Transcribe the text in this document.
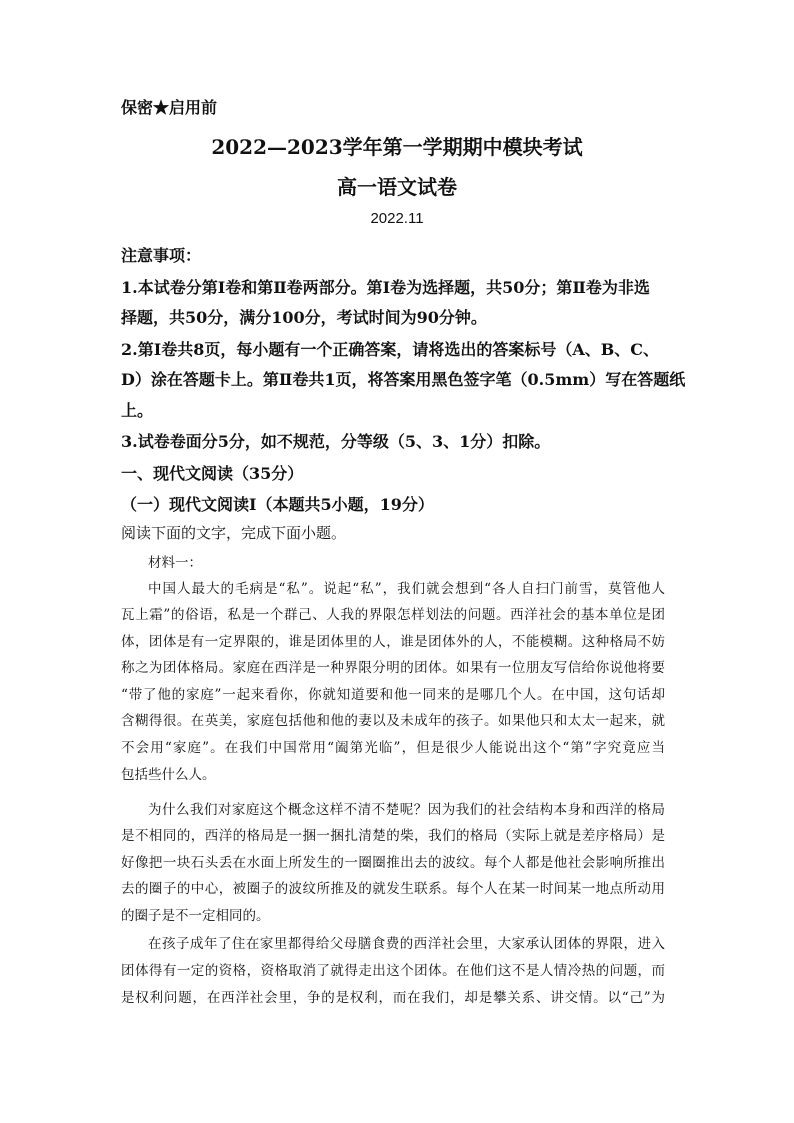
保密★启用前
2022—2023学年第一学期期中模块考试
高一语文试卷
2022.11
注意事项：
1.本试卷分第Ⅰ卷和第Ⅱ卷两部分。第Ⅰ卷为选择题，共50分；第Ⅱ卷为非选
择题，共50分，满分100分，考试时间为90分钟。
2.第Ⅰ卷共8页，每小题有一个正确答案，请将选出的答案标号（A、B、C、
D）涂在答题卡上。第Ⅱ卷共1页，将答案用黑色签字笔（0.5mm）写在答题纸
上。
3.试卷卷面分5分，如不规范，分等级（5、3、1分）扣除。
一、现代文阅读（35分）
（一）现代文阅读Ⅰ（本题共5小题，19分）
阅读下面的文字，完成下面小题。
材料一：
中国人最大的毛病是“私”。说起“私”，我们就会想到“各人自扫门前雪，莫管他人
瓦上霜”的俗语，私是一个群己、人我的界限怎样划法的问题。西洋社会的基本单位是团
体，团体是有一定界限的，谁是团体里的人，谁是团体外的人，不能模糊。这种格局不妨
称之为团体格局。家庭在西洋是一种界限分明的团体。如果有一位朋友写信给你说他将要
“带了他的家庭”一起来看你，你就知道要和他一同来的是哪几个人。在中国，这句话却
含糊得很。在英美，家庭包括他和他的妻以及未成年的孩子。如果他只和太太一起来，就
不会用“家庭”。在我们中国常用“阖第光临”，但是很少人能说出这个“第”字究竟应当
包括些什么人。
为什么我们对家庭这个概念这样不清不楚呢？因为我们的社会结构本身和西洋的格局
是不相同的，西洋的格局是一捆一捆扎清楚的柴，我们的格局（实际上就是差序格局）是
好像把一块石头丢在水面上所发生的一圈圈推出去的波纹。每个人都是他社会影响所推出
去的圈子的中心，被圈子的波纹所推及的就发生联系。每个人在某一时间某一地点所动用
的圈子是不一定相同的。
在孩子成年了住在家里都得给父母膳食费的西洋社会里，大家承认团体的界限，进入
团体得有一定的资格，资格取消了就得走出这个团体。在他们这不是人情冷热的问题，而
是权利问题，在西洋社会里，争的是权利，而在我们，却是攀关系、讲交情。以“己”为
